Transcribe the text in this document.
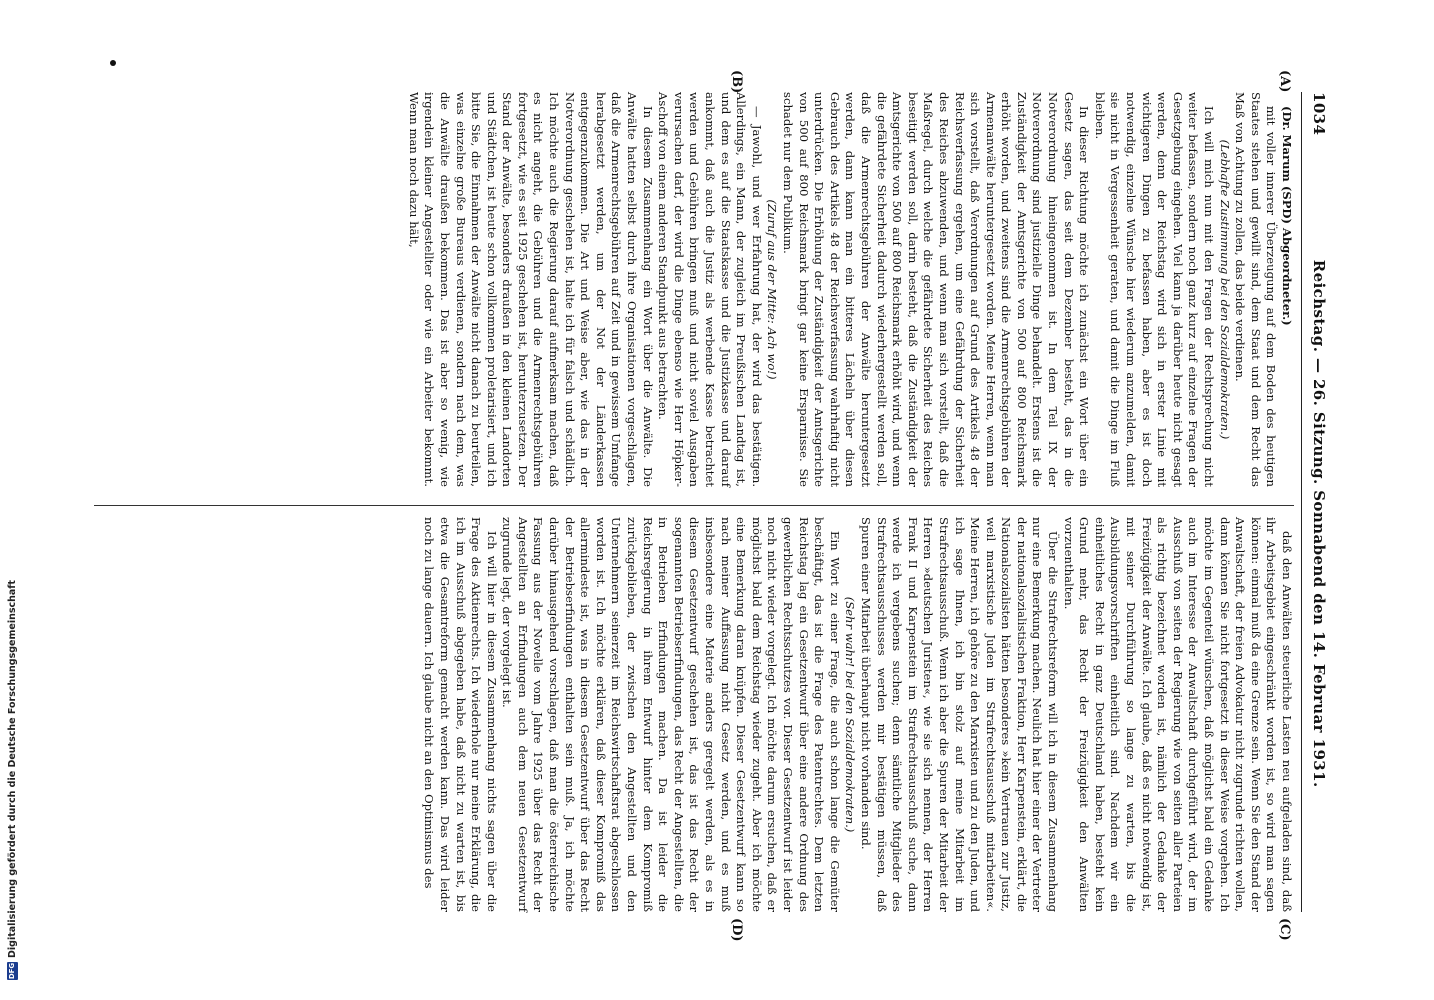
1034
Reichstag. — 26. Sitzung. Sonnabend den 14. Februar 1931.
(A)
(B)
(C)
(D)

(Dr. Marum (SPD) Abgeordneter.)

mit voller innerer Überzeugung auf dem Boden des heutigen Staates stehen und gewillt sind, dem Staat und dem Recht das Maß von Achtung zu zollen, das beide verdienen.

(Lebhafte Zustimmung bei den Sozialdemokraten.)

Ich will mich nun mit den Fragen der Rechtsprechung nicht weiter befassen, sondern noch ganz kurz auf einzelne Fragen der Gesetzgebung eingehen. Viel kann ja darüber heute nicht gesagt werden, denn der Reichstag wird sich in erster Linie mit wichtigeren Dingen zu befassen haben, aber es ist doch notwendig, einzelne Wünsche hier wiederum anzumelden, damit sie nicht in Vergessenheit geraten, und damit die Dinge im Fluß bleiben.

In dieser Richtung möchte ich zunächst ein Wort über ein Gesetz sagen, das seit dem Dezember besteht, das in die Notverordnung hineingenommen ist. In dem Teil IX der Notverordnung sind justizielle Dinge behandelt. Erstens ist die Zuständigkeit der Amtsgerichte von 500 auf 800 Reichsmark erhöht worden, und zweitens sind die Armenrechtsgebühren der Armenanwälte heruntergesetzt worden. Meine Herren, wenn man sich vorstellt, daß Verordnungen auf Grund des Artikels 48 der Reichsverfassung ergehen, um eine Gefährdung der Sicherheit des Reiches abzuwenden, und wenn man sich vorstellt, daß die Maßregel, durch welche die gefährdete Sicherheit des Reiches beseitigt werden soll, darin besteht, daß die Zuständigkeit der Amtsgerichte von 500 auf 800 Reichsmark erhöht wird, und wenn die gefährdete Sicherheit dadurch wiederhergestellt werden soll, daß die Armenrechtsgebühren der Anwälte heruntergesetzt werden, dann kann man ein bitteres Lächeln über diesen Gebrauch des Artikels 48 der Reichsverfassung wahrhaftig nicht unterdrücken. Die Erhöhung der Zuständigkeit der Amtsgerichte von 500 auf 800 Reichsmark bringt gar keine Ersparnisse. Sie schadet nur dem Publikum.

(Zuruf aus der Mitte: Ach wo!)

— Jawohl, und wer Erfahrung hat, der wird das bestätigen. Allerdings, ein Mann, der zugleich im Preußischen Landtag ist, und dem es auf die Staatskasse und die Justizkasse und darauf ankommt, daß auch die Justiz als werbende Kasse betrachtet werden und Gebühren bringen muß und nicht soviel Ausgaben verursachen darf, der wird die Dinge ebenso wie Herr Höpker-Aschoff von einem anderen Standpunkt aus betrachten.

In diesem Zusammenhang ein Wort über die Anwälte. Die Anwälte hatten selbst durch ihre Organisationen vorgeschlagen, daß die Armenrechtsgebühren auf Zeit und in gewissem Umfange herabgesetzt werden, um der Not der Länderkassen entgegenzukommen. Die Art und Weise aber, wie das in der Notverordnung geschehen ist, halte ich für falsch und schädlich. Ich möchte auch die Regierung darauf aufmerksam machen, daß es nicht angeht, die Gebühren und die Armenrechtsgebühren fortgesetzt, wie es seit 1925 geschehen ist, herunterzusetzen. Der Stand der Anwälte, besonders draußen in den kleinen Landorten und Städtchen, ist heute schon vollkommen proletarisiert, und ich bitte Sie, die Einnahmen der Anwälte nicht danach zu beurteilen, was einzelne große Bureaus verdienen, sondern nach dem, was die Anwälte draußen bekommen. Das ist aber so wenig, wie irgendein kleiner Angestellter oder wie ein Arbeiter bekommt. Wenn man noch dazu hält,

daß den Anwälten steuerliche Lasten neu aufgeladen sind, daß ihr Arbeitsgebiet eingeschränkt worden ist, so wird man sagen können: einmal muß da eine Grenze sein. Wenn Sie den Stand der Anwaltschaft, der freien Advokatur nicht zugrunde richten wollen, dann können Sie nicht fortgesetzt in dieser Weise vorgehen. Ich möchte im Gegenteil wünschen, daß möglichst bald ein Gedanke auch im Interesse der Anwaltschaft durchgeführt wird, der im Ausschuß von seiten der Regierung wie von seiten aller Parteien als richtig bezeichnet worden ist, nämlich der Gedanke der Freizügigkeit der Anwälte. Ich glaube, daß es nicht notwendig ist, mit seiner Durchführung so lange zu warten, bis die Ausbildungsvorschriften einheitlich sind. Nachdem wir ein einheitliches Recht in ganz Deutschland haben, besteht kein Grund mehr, das Recht der Freizügigkeit den Anwälten vorzuenthalten.

Über die Strafrechtsreform will ich in diesem Zusammenhang nur eine Bemerkung machen. Neulich hat hier einer der Vertreter der nationalsozialistischen Fraktion, Herr Karpenstein, erklärt, die Nationalsozialisten hätten besonderes »kein Vertrauen zur Justiz, weil marxistische Juden im Strafrechtsausschuß mitarbeiten«. Meine Herren, ich gehöre zu den Marxisten und zu den Juden, und ich sage Ihnen, ich bin stolz auf meine Mitarbeit im Strafrechtsausschuß. Wenn ich aber die Spuren der Mitarbeit der Herren »deutschen Juristen«, wie sie sich nennen, der Herren Frank II und Karpenstein im Strafrechtsausschuß suche, dann werde ich vergebens suchen; denn sämtliche Mitglieder des Strafrechtsausschusses werden mir bestätigen müssen, daß Spuren einer Mitarbeit überhaupt nicht vorhanden sind.

(Sehr wahr! bei den Sozialdemokraten.)

Ein Wort zu einer Frage, die auch schon lange die Gemüter beschäftigt, das ist die Frage des Patentrechtes. Dem letzten Reichstag lag ein Gesetzentwurf über eine andere Ordnung des gewerblichen Rechtsschutzes vor. Dieser Gesetzentwurf ist leider noch nicht wieder vorgelegt. Ich möchte darum ersuchen, daß er möglichst bald dem Reichstag wieder zugeht. Aber ich möchte eine Bemerkung daran knüpfen. Dieser Gesetzentwurf kann so nach meiner Auffassung nicht Gesetz werden, und es muß insbesondere eine Materie anders geregelt werden, als es in diesem Gesetzentwurf geschehen ist, das ist das Recht der sogenannten Betriebserfindungen, das Recht der Angestellten, die in Betrieben Erfindungen machen. Da ist leider die Reichsregierung in ihrem Entwurf hinter dem Kompromiß zurückgeblieben, der zwischen den Angestellten und den Unternehmern seinerzeit im Reichswirtschaftsrat abgeschlossen worden ist. Ich möchte erklären, daß dieser Kompromiß das allermindeste ist, was in diesem Gesetzentwurf über das Recht der Betriebserfindungen enthalten sein muß. Ja, ich möchte darüber hinausgehend vorschlagen, daß man die österreichische Fassung aus der Novelle vom Jahre 1925 über das Recht der Angestellten an Erfindungen auch dem neuen Gesetzentwurf zugrunde legt, der vorgelegt ist.

Ich will hier in diesem Zusammenhang nichts sagen über die Frage des Aktienrechts. Ich wiederhole nur meine Erklärung, die ich im Ausschuß abgegeben habe, daß nicht zu warten ist, bis etwa die Gesamtreform gemacht werden kann. Das wird leider noch zu lange dauern. Ich glaube nicht an den Optimismus des

DFG
Digitalisierung gefördert durch die Deutsche Forschungsgemeinschaft
